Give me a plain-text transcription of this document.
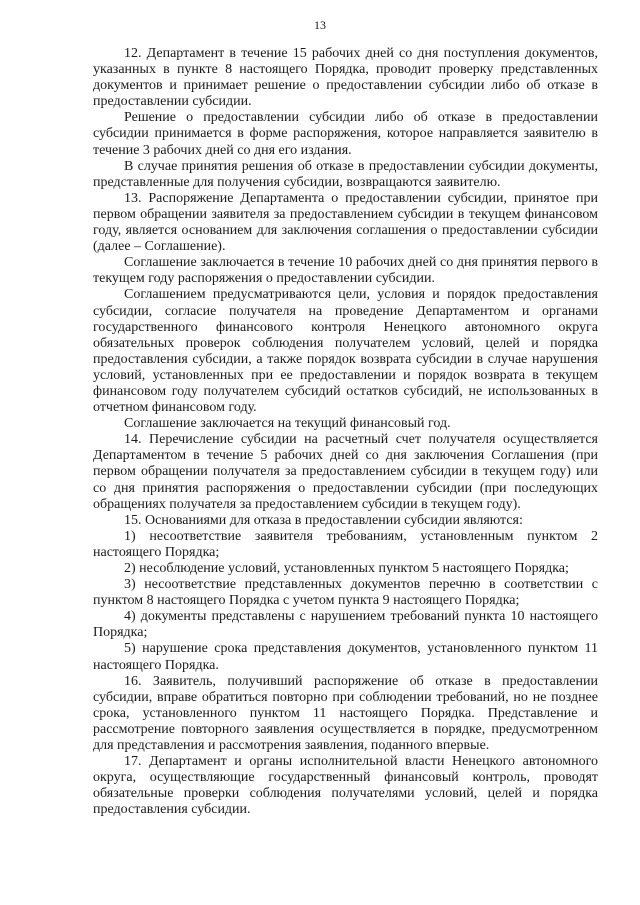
13

12. Департамент в течение 15 рабочих дней со дня поступления документов, указанных в пункте 8 настоящего Порядка, проводит проверку представленных документов и принимает решение о предоставлении субсидии либо об отказе в предоставлении субсидии.

Решение о предоставлении субсидии либо об отказе в предоставлении субсидии принимается в форме распоряжения, которое направляется заявителю в течение 3 рабочих дней со дня его издания.

В случае принятия решения об отказе в предоставлении субсидии документы, представленные для получения субсидии, возвращаются заявителю.

13. Распоряжение Департамента о предоставлении субсидии, принятое при первом обращении заявителя за предоставлением субсидии в текущем финансовом году, является основанием для заключения соглашения о предоставлении субсидии (далее – Соглашение).

Соглашение заключается в течение 10 рабочих дней со дня принятия первого в текущем году распоряжения о предоставлении субсидии.

Соглашением предусматриваются цели, условия и порядок предоставления субсидии, согласие получателя на проведение Департаментом и органами государственного финансового контроля Ненецкого автономного округа обязательных проверок соблюдения получателем условий, целей и порядка предоставления субсидии, а также порядок возврата субсидии в случае нарушения условий, установленных при ее предоставлении и порядок возврата в текущем финансовом году получателем субсидий остатков субсидий, не использованных в отчетном финансовом году.

Соглашение заключается на текущий финансовый год.

14. Перечисление субсидии на расчетный счет получателя осуществляется Департаментом в течение 5 рабочих дней со дня заключения Соглашения (при первом обращении получателя за предоставлением субсидии в текущем году) или со дня принятия распоряжения о предоставлении субсидии (при последующих обращениях получателя за предоставлением субсидии в текущем году).

15. Основаниями для отказа в предоставлении субсидии являются:

1) несоответствие заявителя требованиям, установленным пунктом 2 настоящего Порядка;

2) несоблюдение условий, установленных пунктом 5 настоящего Порядка;

3) несоответствие представленных документов перечню в соответствии с пунктом 8 настоящего Порядка с учетом пункта 9 настоящего Порядка;

4) документы представлены с нарушением требований пункта 10 настоящего Порядка;

5) нарушение срока представления документов, установленного пунктом 11 настоящего Порядка.

16. Заявитель, получивший распоряжение об отказе в предоставлении субсидии, вправе обратиться повторно при соблюдении требований, но не позднее срока, установленного пунктом 11 настоящего Порядка. Представление и рассмотрение повторного заявления осуществляется в порядке, предусмотренном для представления и рассмотрения заявления, поданного впервые.

17. Департамент и органы исполнительной власти Ненецкого автономного округа, осуществляющие государственный финансовый контроль, проводят обязательные проверки соблюдения получателями условий, целей и порядка предоставления субсидии.
